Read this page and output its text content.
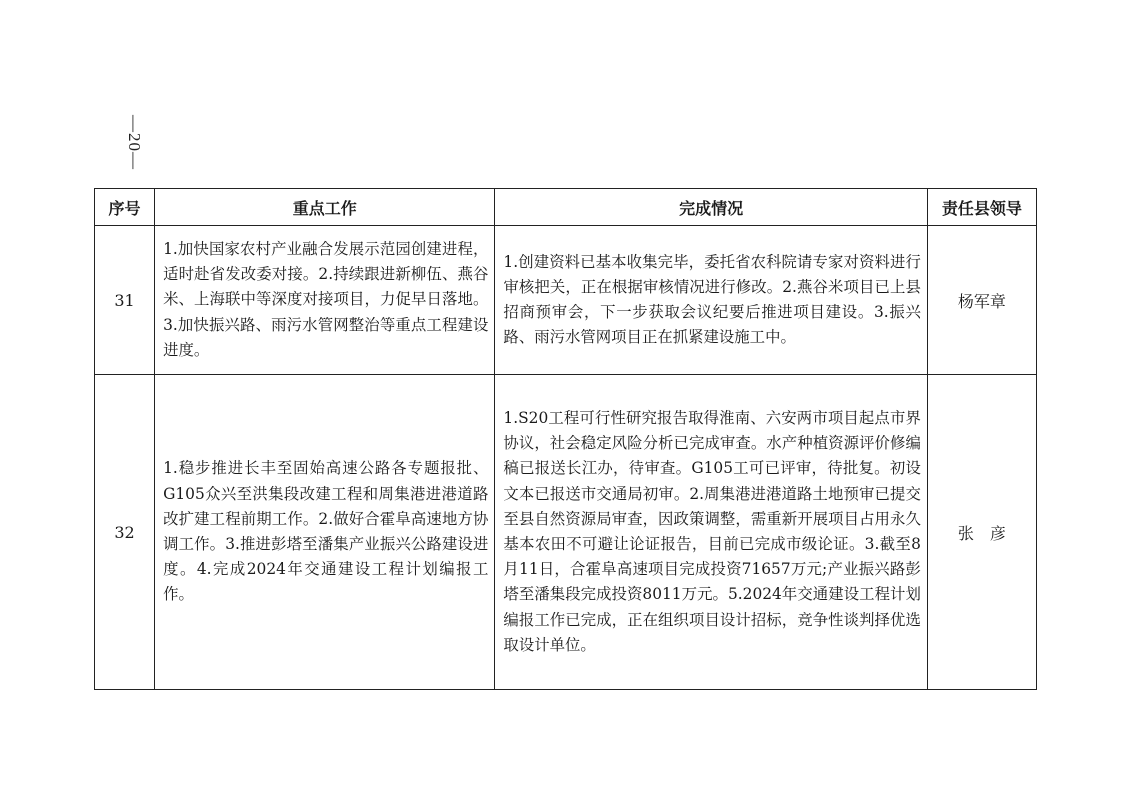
—20—
序号	重点工作	完成情况	责任县领导
31	1.加快国家农村产业融合发展示范园创建进程，适时赴省发改委对接。2.持续跟进新柳伍、燕谷米、上海联中等深度对接项目，力促早日落地。3.加快振兴路、雨污水管网整治等重点工程建设进度。	1.创建资料已基本收集完毕，委托省农科院请专家对资料进行审核把关，正在根据审核情况进行修改。2.燕谷米项目已上县招商预审会，下一步获取会议纪要后推进项目建设。3.振兴路、雨污水管网项目正在抓紧建设施工中。	杨军章
32	1.稳步推进长丰至固始高速公路各专题报批、G105众兴至洪集段改建工程和周集港进港道路改扩建工程前期工作。2.做好合霍阜高速地方协调工作。3.推进彭塔至潘集产业振兴公路建设进度。4.完成2024年交通建设工程计划编报工作。	1.S20工程可行性研究报告取得淮南、六安两市项目起点市界协议，社会稳定风险分析已完成审查。水产种植资源评价修编稿已报送长江办，待审查。G105工可已评审，待批复。初设文本已报送市交通局初审。2.周集港进港道路土地预审已提交至县自然资源局审查，因政策调整，需重新开展项目占用永久基本农田不可避让论证报告，目前已完成市级论证。3.截至8月11日，合霍阜高速项目完成投资71657万元;产业振兴路彭塔至潘集段完成投资8011万元。5.2024年交通建设工程计划编报工作已完成，正在组织项目设计招标，竞争性谈判择优选取设计单位。	张　彦
